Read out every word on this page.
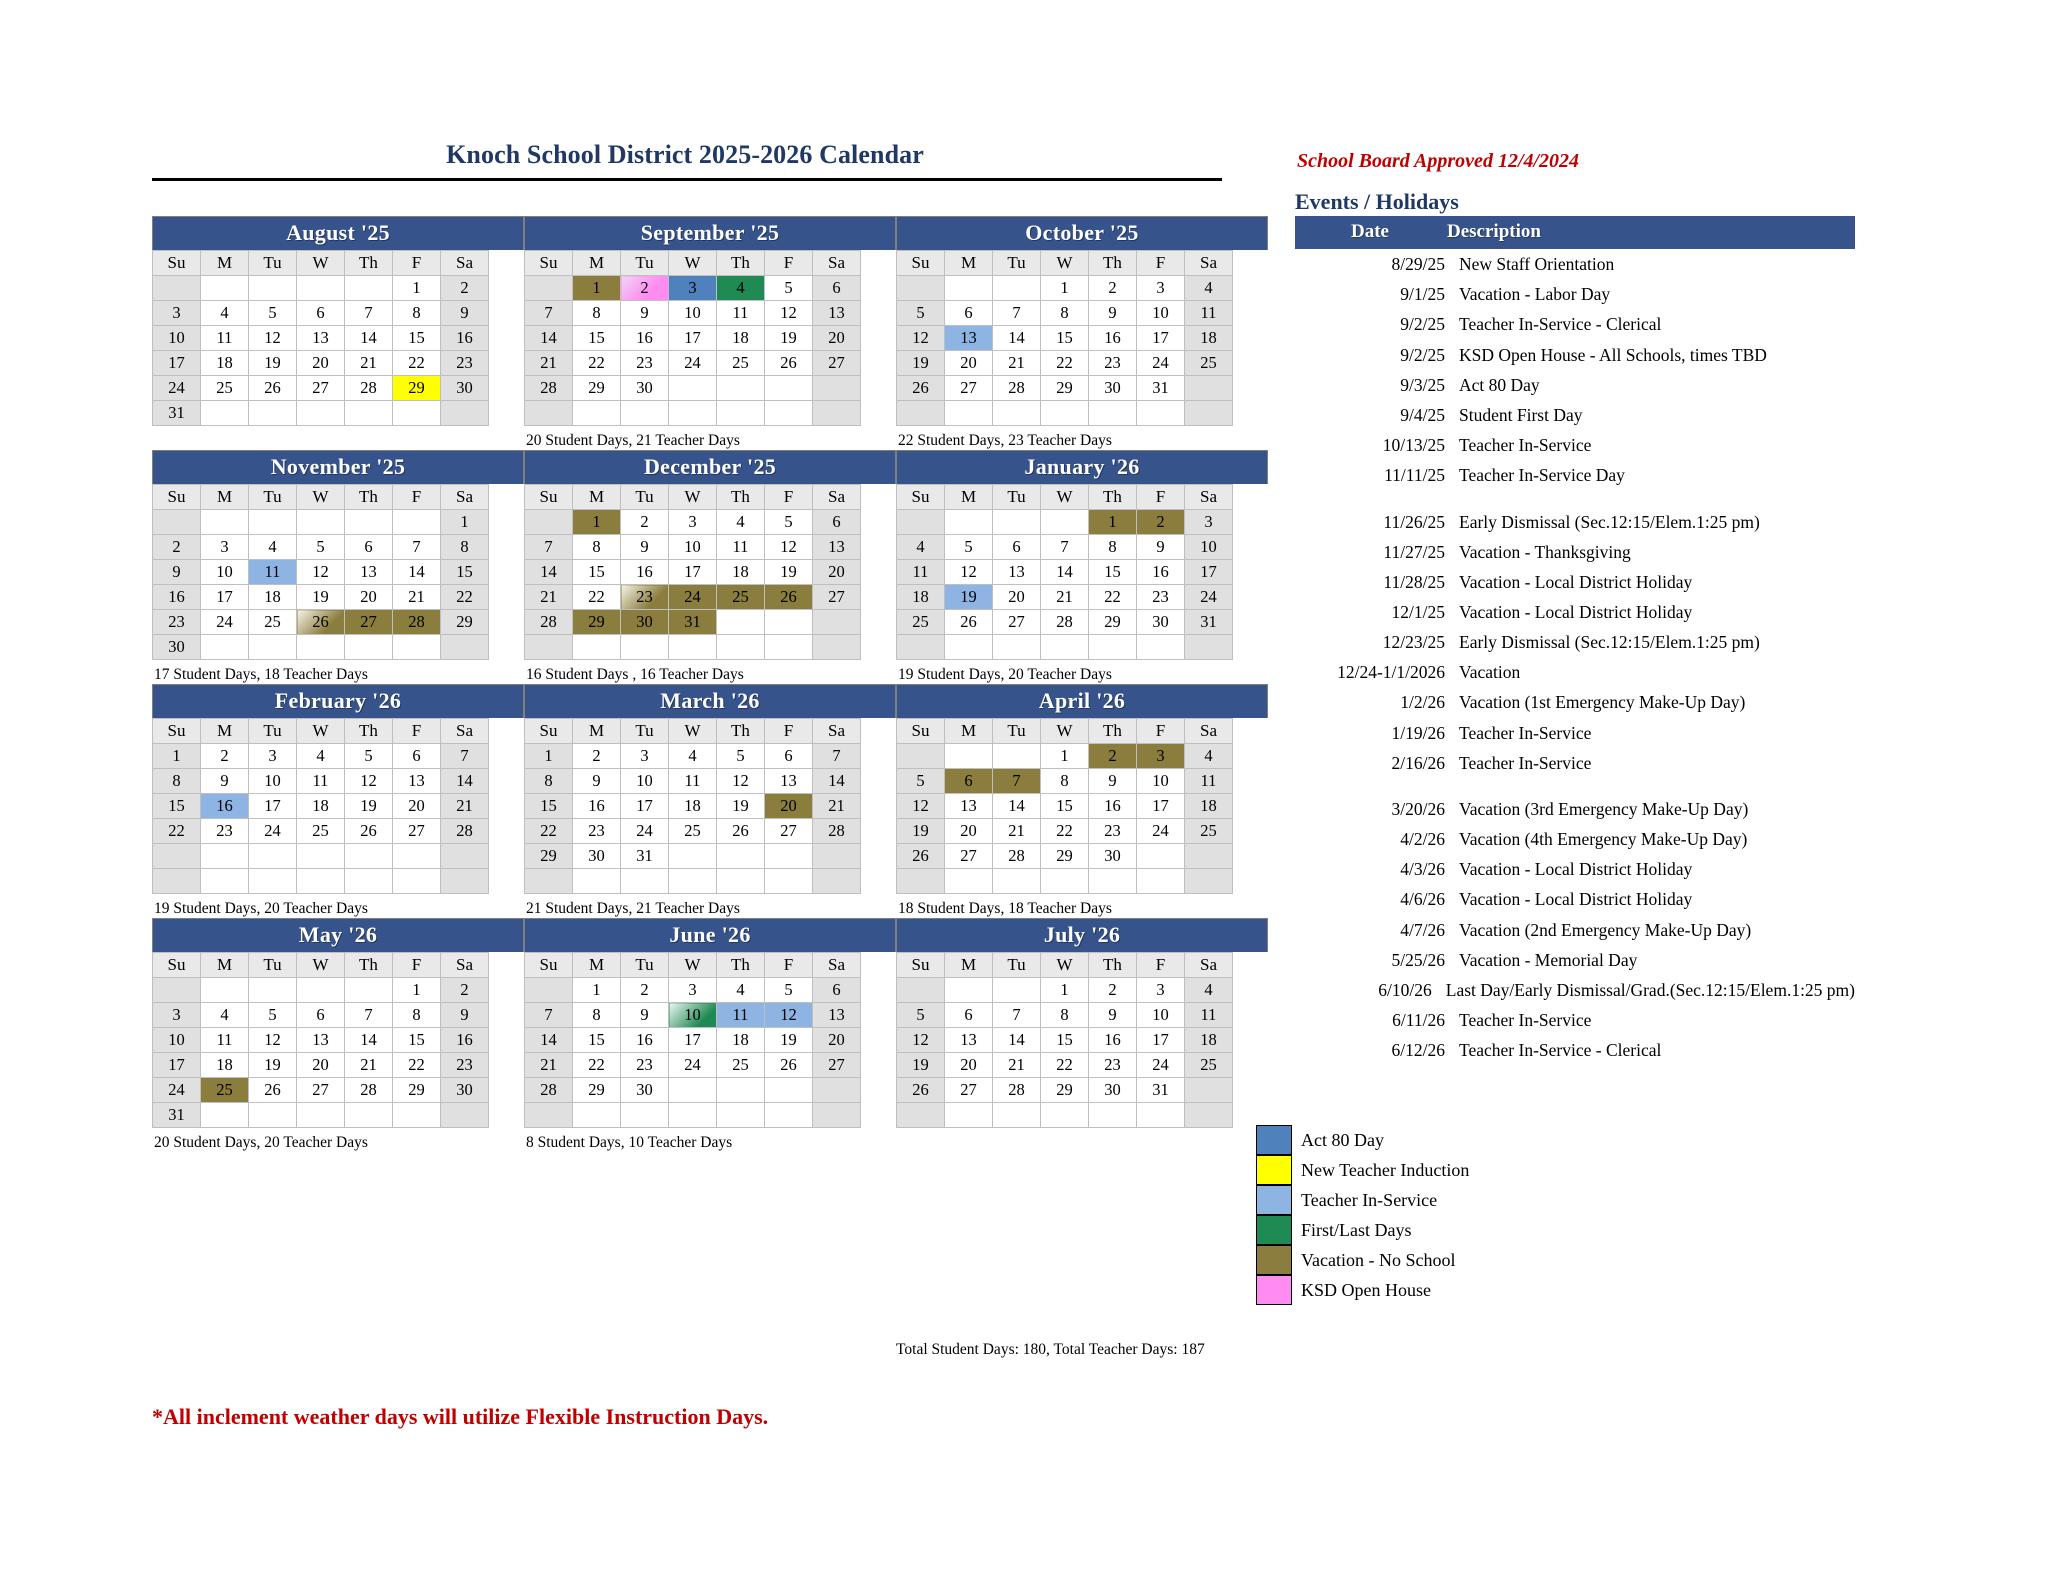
Knoch School District 2025-2026 Calendar	School Board Approved 12/4/2024
Events / Holidays
August '25
Su	M	Tu	W	Th	F	Sa
					1	2
3	4	5	6	7	8	9
10	11	12	13	14	15	16
17	18	19	20	21	22	23
24	25	26	27	28	29	30
31						

September '25
Su	M	Tu	W	Th	F	Sa
	1	2	3	4	5	6
7	8	9	10	11	12	13
14	15	16	17	18	19	20
21	22	23	24	25	26	27
28	29	30				

20 Student Days, 21 Teacher Days
October '25
Su	M	Tu	W	Th	F	Sa
			1	2	3	4
5	6	7	8	9	10	11
12	13	14	15	16	17	18
19	20	21	22	23	24	25
26	27	28	29	30	31	

22 Student Days, 23 Teacher Days
November '25
Su	M	Tu	W	Th	F	Sa
						1
2	3	4	5	6	7	8
9	10	11	12	13	14	15
16	17	18	19	20	21	22
23	24	25	26	27	28	29
30						
17 Student Days, 18 Teacher Days
December '25
Su	M	Tu	W	Th	F	Sa
	1	2	3	4	5	6
7	8	9	10	11	12	13
14	15	16	17	18	19	20
21	22	23	24	25	26	27
28	29	30	31			

16 Student Days , 16 Teacher Days
January '26
Su	M	Tu	W	Th	F	Sa
				1	2	3
4	5	6	7	8	9	10
11	12	13	14	15	16	17
18	19	20	21	22	23	24
25	26	27	28	29	30	31

19 Student Days, 20 Teacher Days
February '26
Su	M	Tu	W	Th	F	Sa
1	2	3	4	5	6	7
8	9	10	11	12	13	14
15	16	17	18	19	20	21
22	23	24	25	26	27	28

19 Student Days, 20 Teacher Days
March '26
Su	M	Tu	W	Th	F	Sa
1	2	3	4	5	6	7
8	9	10	11	12	13	14
15	16	17	18	19	20	21
22	23	24	25	26	27	28
29	30	31				

21 Student Days, 21 Teacher Days
April '26
Su	M	Tu	W	Th	F	Sa
			1	2	3	4
5	6	7	8	9	10	11
12	13	14	15	16	17	18
19	20	21	22	23	24	25
26	27	28	29	30		

18 Student Days, 18 Teacher Days
May '26
Su	M	Tu	W	Th	F	Sa
					1	2
3	4	5	6	7	8	9
10	11	12	13	14	15	16
17	18	19	20	21	22	23
24	25	26	27	28	29	30
31						
20 Student Days, 20 Teacher Days
June '26
Su	M	Tu	W	Th	F	Sa
	1	2	3	4	5	6
7	8	9	10	11	12	13
14	15	16	17	18	19	20
21	22	23	24	25	26	27
28	29	30				

8 Student Days, 10 Teacher Days
July '26
Su	M	Tu	W	Th	F	Sa
			1	2	3	4
5	6	7	8	9	10	11
12	13	14	15	16	17	18
19	20	21	22	23	24	25
26	27	28	29	30	31	

Date	Description
8/29/25 New Staff Orientation
9/1/25 Vacation - Labor Day
9/2/25 Teacher In-Service - Clerical
9/2/25 KSD Open House - All Schools, times TBD
9/3/25 Act 80 Day
9/4/25 Student First Day
10/13/25 Teacher In-Service
11/11/25 Teacher In-Service Day
11/26/25 Early Dismissal (Sec.12:15/Elem.1:25 pm)
11/27/25 Vacation - Thanksgiving
11/28/25 Vacation - Local District Holiday
12/1/25 Vacation - Local District Holiday
12/23/25 Early Dismissal (Sec.12:15/Elem.1:25 pm)
12/24-1/1/2026 Vacation
1/2/26 Vacation (1st Emergency Make-Up Day)
1/19/26 Teacher In-Service
2/16/26 Teacher In-Service
3/20/26 Vacation (3rd Emergency Make-Up Day)
4/2/26 Vacation (4th Emergency Make-Up Day)
4/3/26 Vacation - Local District Holiday
4/6/26 Vacation - Local District Holiday
4/7/26 Vacation (2nd Emergency Make-Up Day)
5/25/26 Vacation - Memorial Day
6/10/26 Last Day/Early Dismissal/Grad.(Sec.12:15/Elem.1:25 pm)
6/11/26 Teacher In-Service
6/12/26 Teacher In-Service - Clerical
Act 80 Day
New Teacher Induction
Teacher In-Service
First/Last Days
Vacation - No School
KSD Open House
Total Student Days: 180, Total Teacher Days: 187
*All inclement weather days will utilize Flexible Instruction Days.
